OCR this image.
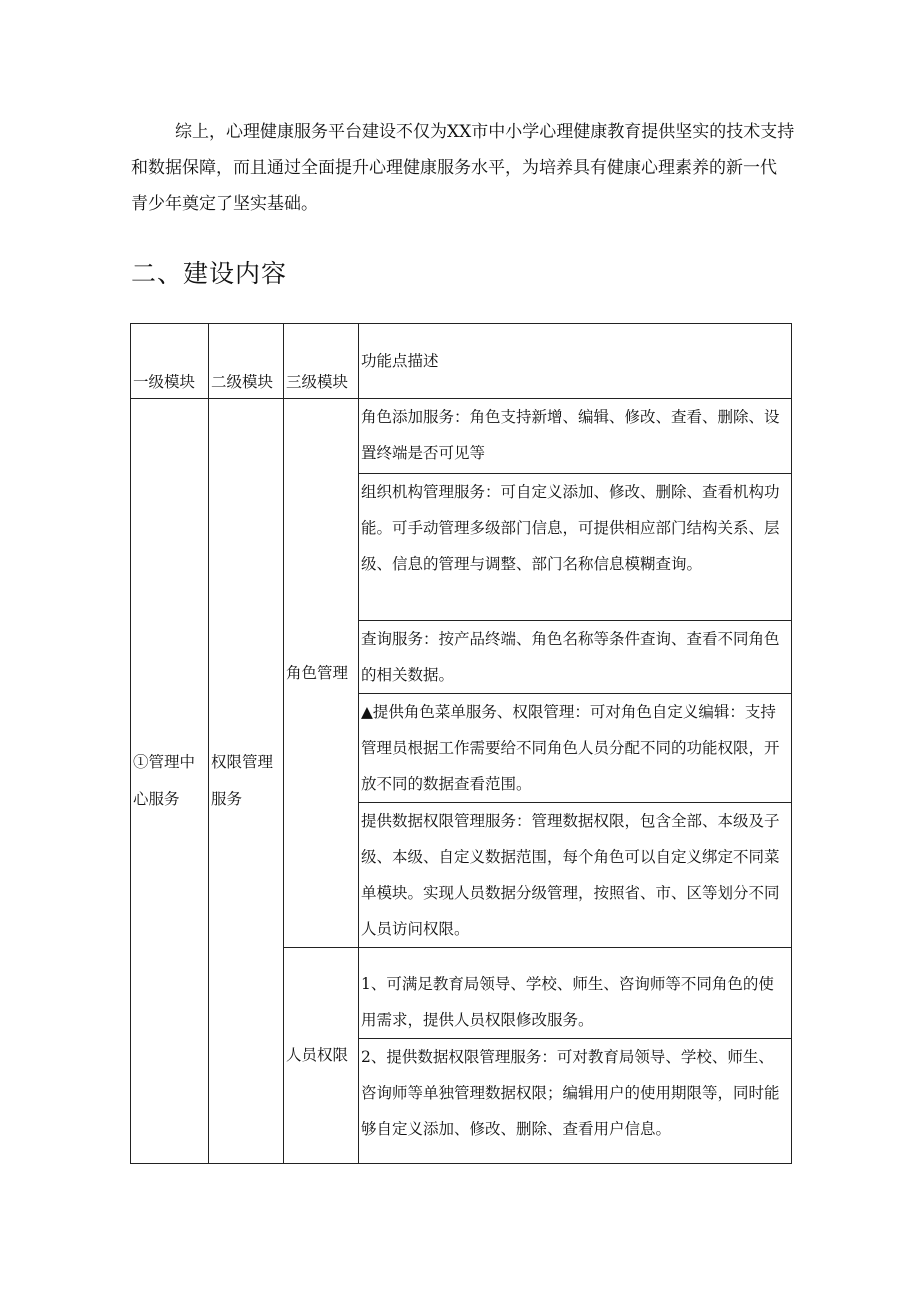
综上，心理健康服务平台建设不仅为XX市中小学心理健康教育提供坚实的技术支持
和数据保障，而且通过全面提升心理健康服务水平，为培养具有健康心理素养的新一代
青少年奠定了坚实基础。

二、建设内容
一级模块	二级模块	三级模块	功能点描述
①管理中心服务	权限管理服务	角色管理	角色添加服务：角色支持新增、编辑、修改、查看、删除、设置终端是否可见等

			组织机构管理服务：可自定义添加、修改、删除、查看机构功能。可手动管理多级部门信息，可提供相应部门结构关系、层级、信息的管理与调整、部门名称信息模糊查询。

			查询服务：按产品终端、角色名称等条件查询、查看不同角色的相关数据。

			▲提供角色菜单服务、权限管理：可对角色自定义编辑：支持管理员根据工作需要给不同角色人员分配不同的功能权限，开放不同的数据查看范围。

			提供数据权限管理服务：管理数据权限，包含全部、本级及子级、本级、自定义数据范围，每个角色可以自定义绑定不同菜单模块。实现人员数据分级管理，按照省、市、区等划分不同人员访问权限。

		人员权限	1、可满足教育局领导、学校、师生、咨询师等不同角色的使用需求，提供人员权限修改服务。

			2、提供数据权限管理服务：可对教育局领导、学校、师生、咨询师等单独管理数据权限；编辑用户的使用期限等，同时能够自定义添加、修改、删除、查看用户信息。
